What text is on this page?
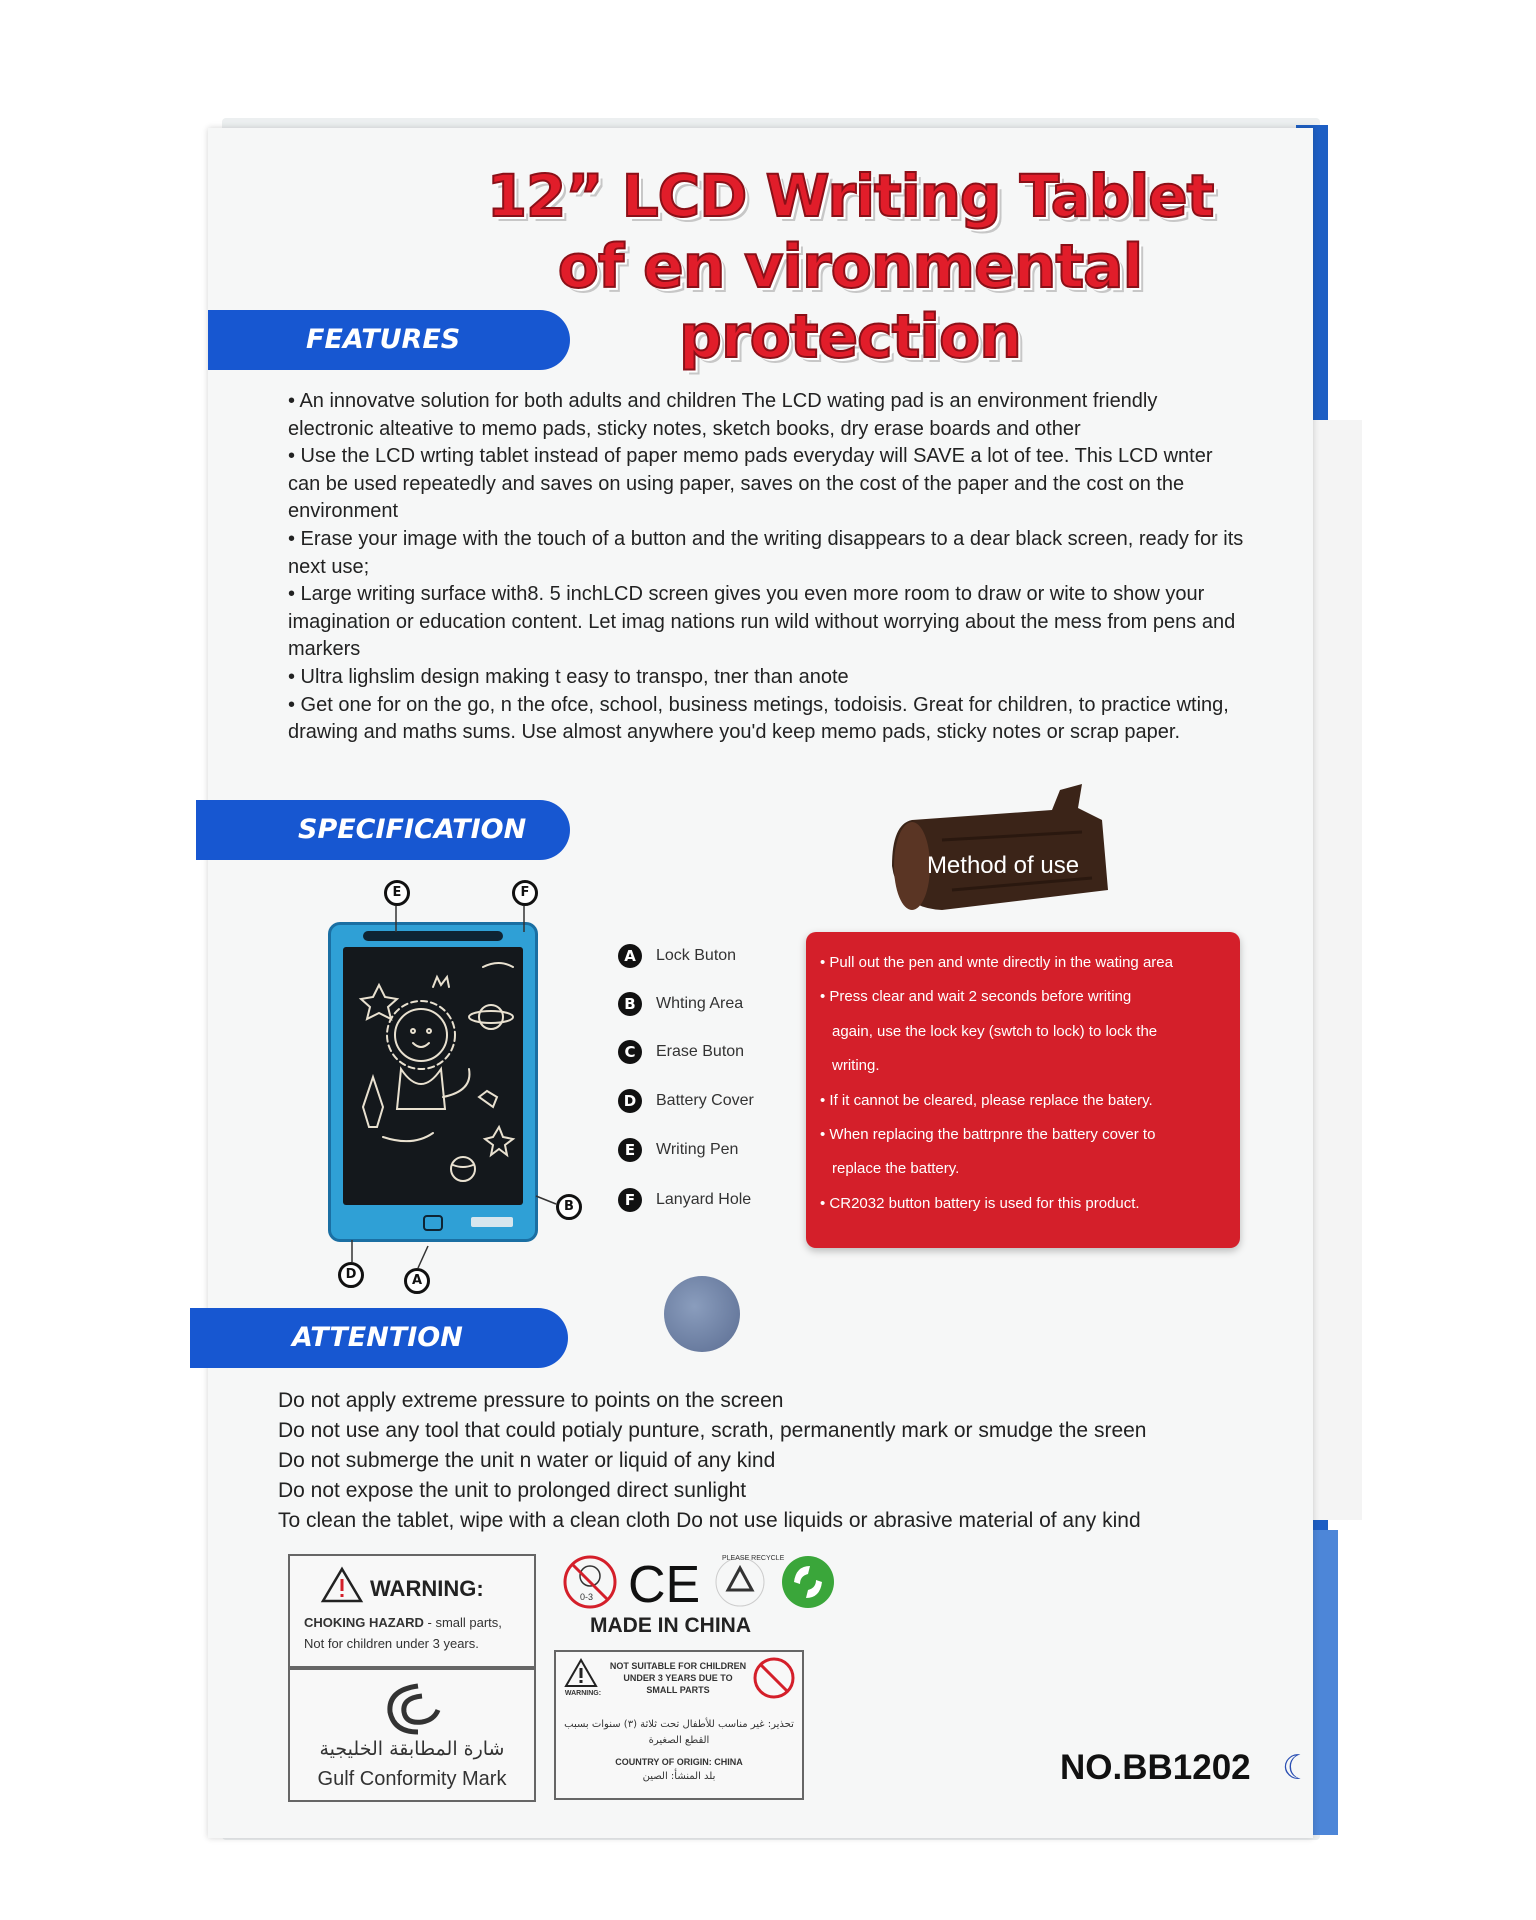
12” LCD Writing Tablet
of en vironmental protection
FEATURES

• An innovatve solution for both adults and children The LCD wating pad is an environment friendly electronic alteative to memo pads, sticky notes, sketch books, dry erase boards and other

• Use the LCD wrting tablet instead of paper memo pads everyday will SAVE a lot of tee. This LCD wnter can be used repeatedly and saves on using paper, saves on the cost of the paper and the cost on the environment

• Erase your image with the touch of a button and the writing disappears to a dear black screen, ready for its next use;

• Large writing surface with8. 5 inchLCD screen gives you even more room to draw or wite to show your imagination or education content. Let imag nations run wild without worrying about the mess from pens and markers

• Ultra lighslim design making t easy to transpo, tner than anote

• Get one for on the go, n the ofce, school, business metings, todoisis. Great for children, to practice wting, drawing and maths sums. Use almost anywhere you'd keep memo pads, sticky notes or scrap paper.

SPECIFICATION
E	F
B
D	A
A	Lock Buton
B	Whting Area
C	Erase Buton
D	Battery Cover
E	Writing Pen
F	Lanyard Hole
Method of use
• Pull out the pen and wnte directly in the wating area
• Press clear and wait 2 seconds before writing
again, use the lock key (swtch to lock) to lock the
writing.
• If it cannot be cleared, please replace the batery.
• When replacing the battrpnre the battery cover to
replace the battery.
• CR2032 button battery is used for this product.
ATTENTION

Do not apply extreme pressure to points on the screen

Do not use any tool that could potialy punture, scrath, permanently mark or smudge the sreen

Do not submerge the unit n water or liquid of any kind

Do not expose the unit to prolonged direct sunlight

To clean the tablet, wipe with a clean cloth Do not use liquids or abrasive material of any kind

WARNING:
CHOKING HAZARD - small parts,
Not for children under 3 years.
شارة المطابقة الخليجية
Gulf Conformity Mark
0-3 CE	PLEASE RECYCLE
MADE IN CHINA
WARNING:
NOT SUITABLE FOR CHILDREN UNDER 3 YEARS DUE TO SMALL PARTS
تحذير: غير مناسب للأطفال تحت ثلاثة (٣) سنوات بسبب
القطع الصغيرة
COUNTRY OF ORIGIN: CHINA
بلد المنشأ: الصين	NO.BB1202 ☾
